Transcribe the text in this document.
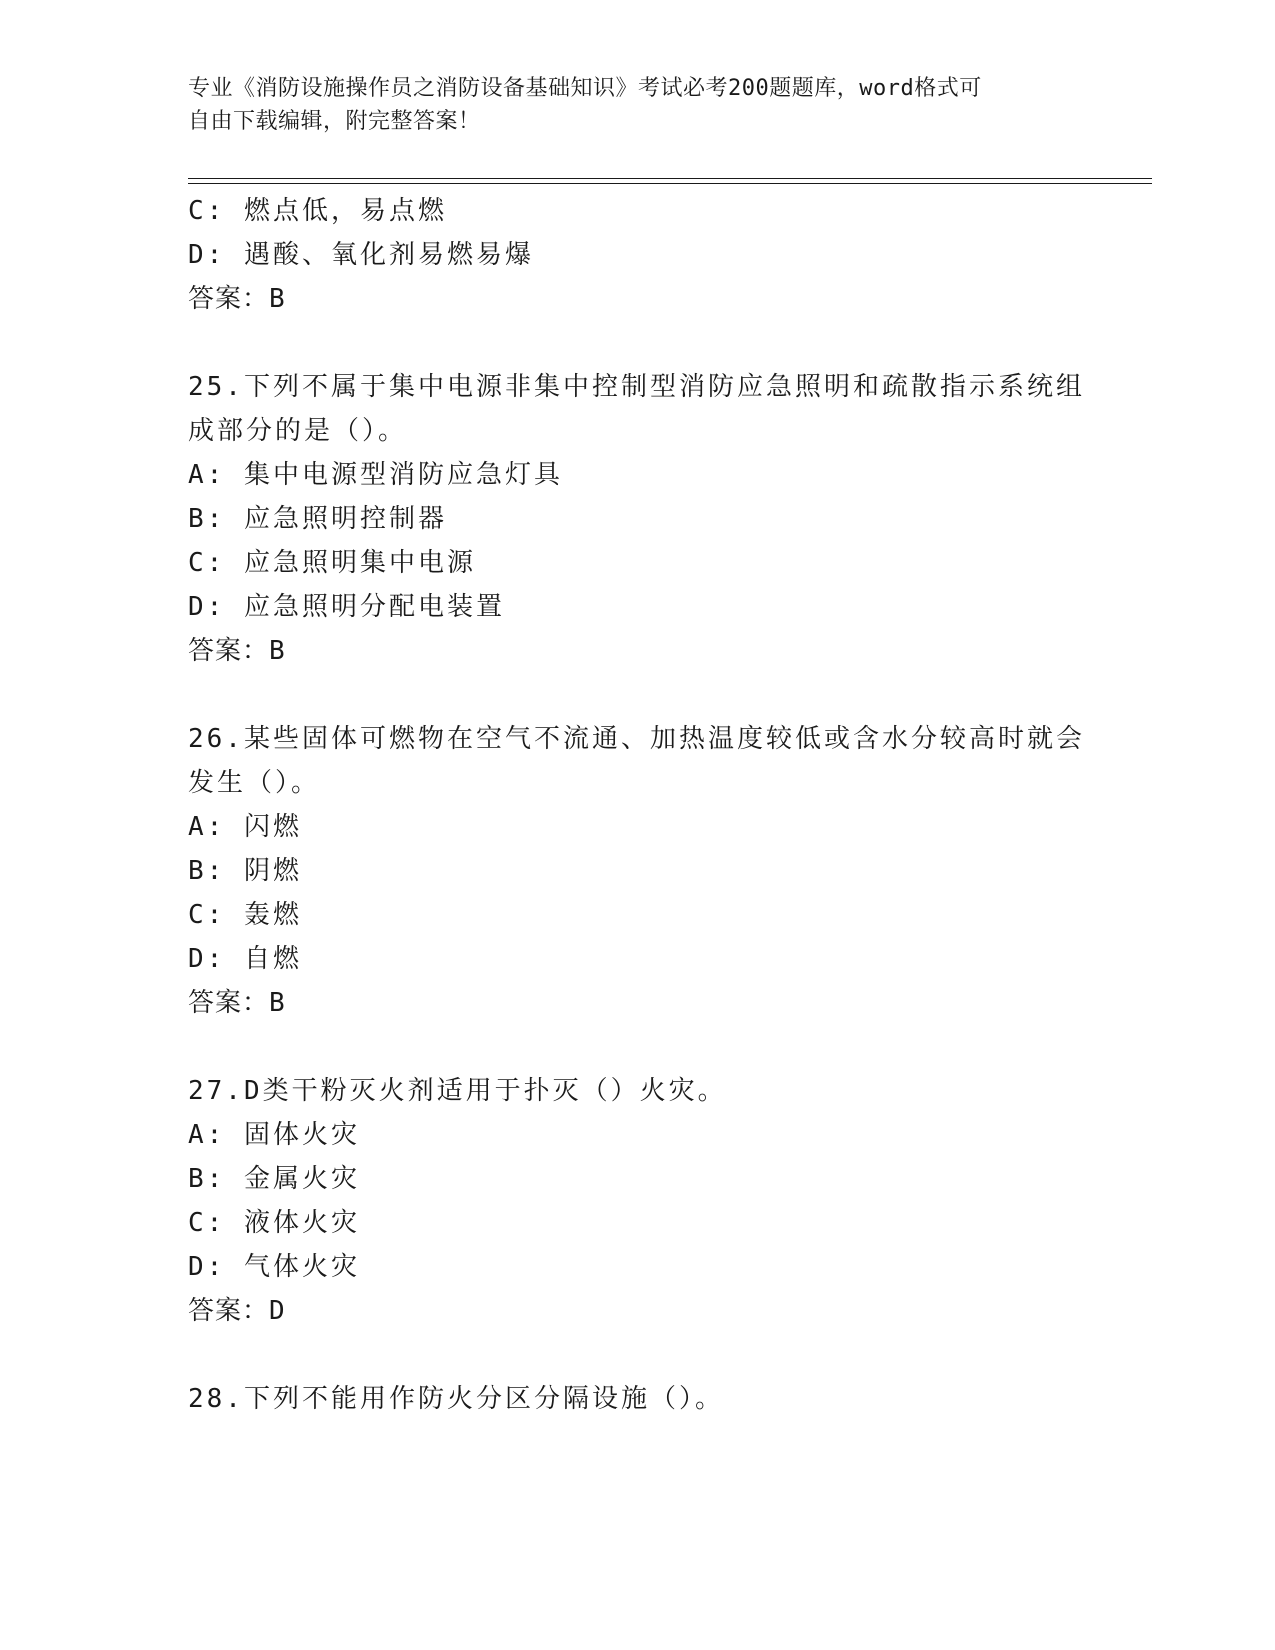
专业《消防设施操作员之消防设备基础知识》考试必考200题题库，word格式可
自由下载编辑，附完整答案！
C: 燃点低，易点燃
D: 遇酸、氧化剂易燃易爆
答案：B
25.下列不属于集中电源非集中控制型消防应急照明和疏散指示系统组
成部分的是（）。
A: 集中电源型消防应急灯具
B: 应急照明控制器
C: 应急照明集中电源
D: 应急照明分配电装置
答案：B
26.某些固体可燃物在空气不流通、加热温度较低或含水分较高时就会
发生（）。
A: 闪燃
B: 阴燃
C: 轰燃
D: 自燃
答案：B
27.D类干粉灭火剂适用于扑灭（）火灾。
A: 固体火灾
B: 金属火灾
C: 液体火灾
D: 气体火灾
答案：D
28.下列不能用作防火分区分隔设施（）。
